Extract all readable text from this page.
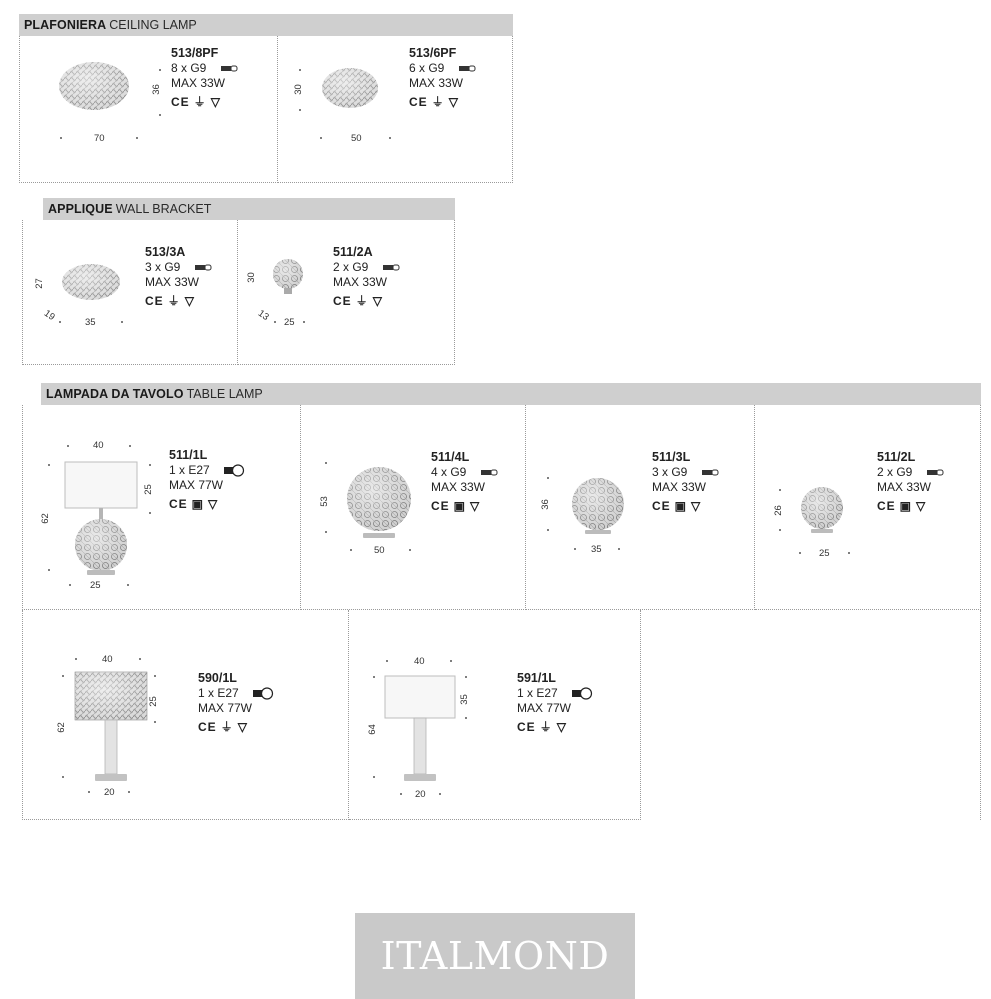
PLAFONIERA CEILING LAMP
36
70
513/8PF
8 x G9
MAX 33W
CE ⏚ ▽
30
50
513/6PF
6 x G9
MAX 33W
CE ⏚ ▽
APPLIQUE WALL BRACKET
27
19	35
513/3A
3 x G9
MAX 33W
CE ⏚ ▽
30
13 25
511/2A
2 x G9
MAX 33W
CE ⏚ ▽
LAMPADA DA TAVOLO TABLE LAMP
40
25
62
25
511/1L
1 x E27
MAX 77W
CE ▣ ▽	53
50
511/4L
4 x G9
MAX 33W
CE ▣ ▽	36
35
511/3L
3 x G9
MAX 33W
CE ▣ ▽	26
25
511/2L
2 x G9
MAX 33W
CE ▣ ▽
40
25
62
20
590/1L
1 x E27
MAX 77W
CE ⏚ ▽
40
35
64
20
591/1L
1 x E27
MAX 77W
CE ⏚ ▽
ITALMOND
